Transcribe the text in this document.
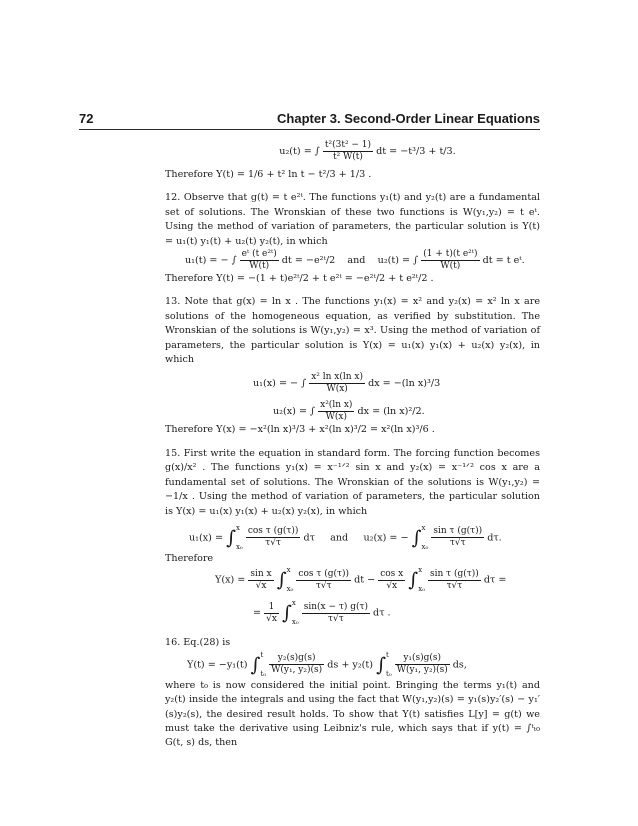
72	Chapter 3. Second-Order Linear Equations

u₂(t) = ∫ $\frac{\text{t²(3t² − 1)}}{\text{t² W(t)}}$ dt = −t³/3 + t/3.

Therefore Y(t) = 1/6 + t² ln t − t²/3 + 1/3 .

12. Observe that g(t) = t e²ᵗ. The functions y₁(t) and y₂(t) are a fundamental set of solutions. The Wronskian of these two functions is W(y₁,y₂) = t eᵗ. Using the method of variation of parameters, the particular solution is Y(t) = u₁(t) y₁(t) + u₂(t) y₂(t), in which

u₁(t) = − ∫ $\frac{\text{eᵗ (t e²ᵗ)}}{W(t)}$ dt = −e²ᵗ/2 and u₂(t) = ∫ $\frac{\text{(1 + t)(t e²ᵗ)}}{W(t)}$ dt = t eᵗ.

Therefore Y(t) = −(1 + t)e²ᵗ/2 + t e²ᵗ = −e²ᵗ/2 + t e²ᵗ/2 .

13. Note that g(x) = ln x . The functions y₁(x) = x² and y₂(x) = x² ln x are solutions of the homogeneous equation, as verified by substitution. The Wronskian of the solutions is W(y₁,y₂) = x³. Using the method of variation of parameters, the particular solution is Y(x) = u₁(x) y₁(x) + u₂(x) y₂(x), in which

u₁(x) = − ∫ $\frac{\text{x² ln x(ln x)}}{W(x)}$ dx = −(ln x)³/3

u₂(x) = ∫ $\frac{\text{x²(ln x)}}{W(x)}$ dx = (ln x)²/2.

Therefore Y(x) = −x²(ln x)³/3 + x²(ln x)³/2 = x²(ln x)³/6 .

15. First write the equation in standard form. The forcing function becomes g(x)/x² . The functions y₁(x) = x⁻¹ᐟ² sin x and y₂(x) = x⁻¹ᐟ² cos x are a fundamental set of solutions. The Wronskian of the solutions is W(y₁,y₂) = −1/x . Using the method of variation of parameters, the particular solution is Y(x) = u₁(x) y₁(x) + u₂(x) y₂(x), in which

u₁(x) = ∫ x
x₀
$\frac{\text{cos τ (g(τ))}}{\tau√\tau}$ dτ and u₂(x) = − ∫ x
x₀
$\frac{\text{sin τ (g(τ))}}{\tau√\tau} d\tau$.

Therefore

$Y(x) = \frac{\text{sin x}}{√x}$ ∫ x
x₀
$\frac{\text{cos τ (g(τ))}}{\tau√\tau}$ dt − $\frac{\text{cos x}}{√x}$ ∫ x
x₀
$\frac{\text{sin τ (g(τ))}}{\tau√\tau}$ dτ =

= $\frac{1}{√x}$ ∫ x
x₀
$\frac{\sin(x - \tau) g(\tau)}{\tau√\tau}$ dτ .

16. Eq.(28) is

Y(t) = −y₁(t) ∫ t
t₀
$\frac{\text{y₂(s)g(s)}}{\text{W(y₁, y₂)(s)}}$ ds + y₂(t) ∫ t
t₀
$\frac{\text{y₁(s)g(s)}}{\text{W(y₁, y₂)(s)}}$ ds,

where t₀ is now considered the initial point. Bringing the terms y₁(t) and y₂(t) inside the integrals and using the fact that W(y₁,y₂)(s) = y₁(s)y₂′(s) − y₁′(s)y₂(s), the desired result holds. To show that Y(t) satisfies L[y] = g(t) we must take the derivative using Leibniz's rule, which says that if y(t) = ∫ᵗₜ₀ G(t, s) ds, then
